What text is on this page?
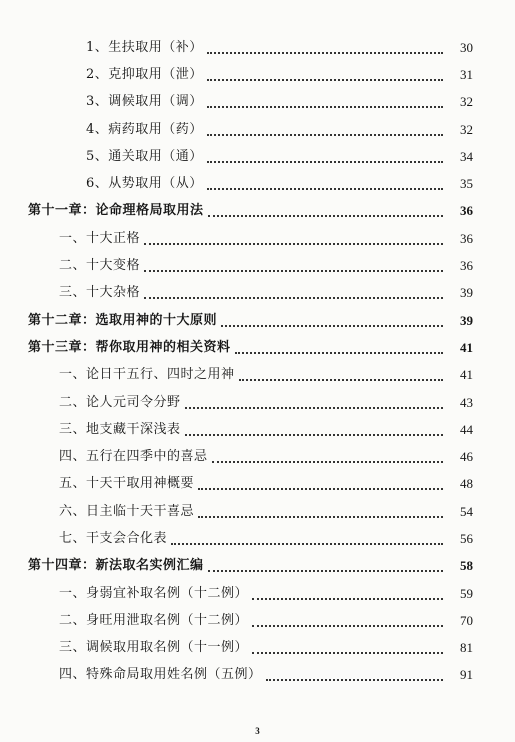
1、生扶取用（补）	30
2、克抑取用（泄）	31
3、调候取用（调）	32
4、病药取用（药）	32
5、通关取用（通）	34
6、从势取用（从）	35
第十一章：论命理格局取用法	36
一、十大正格	36
二、十大变格	36
三、十大杂格	39
第十二章：选取用神的十大原则	39
第十三章：帮你取用神的相关资料	41
一、论日干五行、四时之用神	41
二、论人元司令分野	43
三、地支藏干深浅表	44
四、五行在四季中的喜忌	46
五、十天干取用神概要	48
六、日主临十天干喜忌	54
七、干支会合化表	56
第十四章：新法取名实例汇编	58
一、身弱宜补取名例（十二例）	59
二、身旺用泄取名例（十二例）	70
三、调候取用取名例（十一例）	81
四、特殊命局取用姓名例（五例）	91
3
